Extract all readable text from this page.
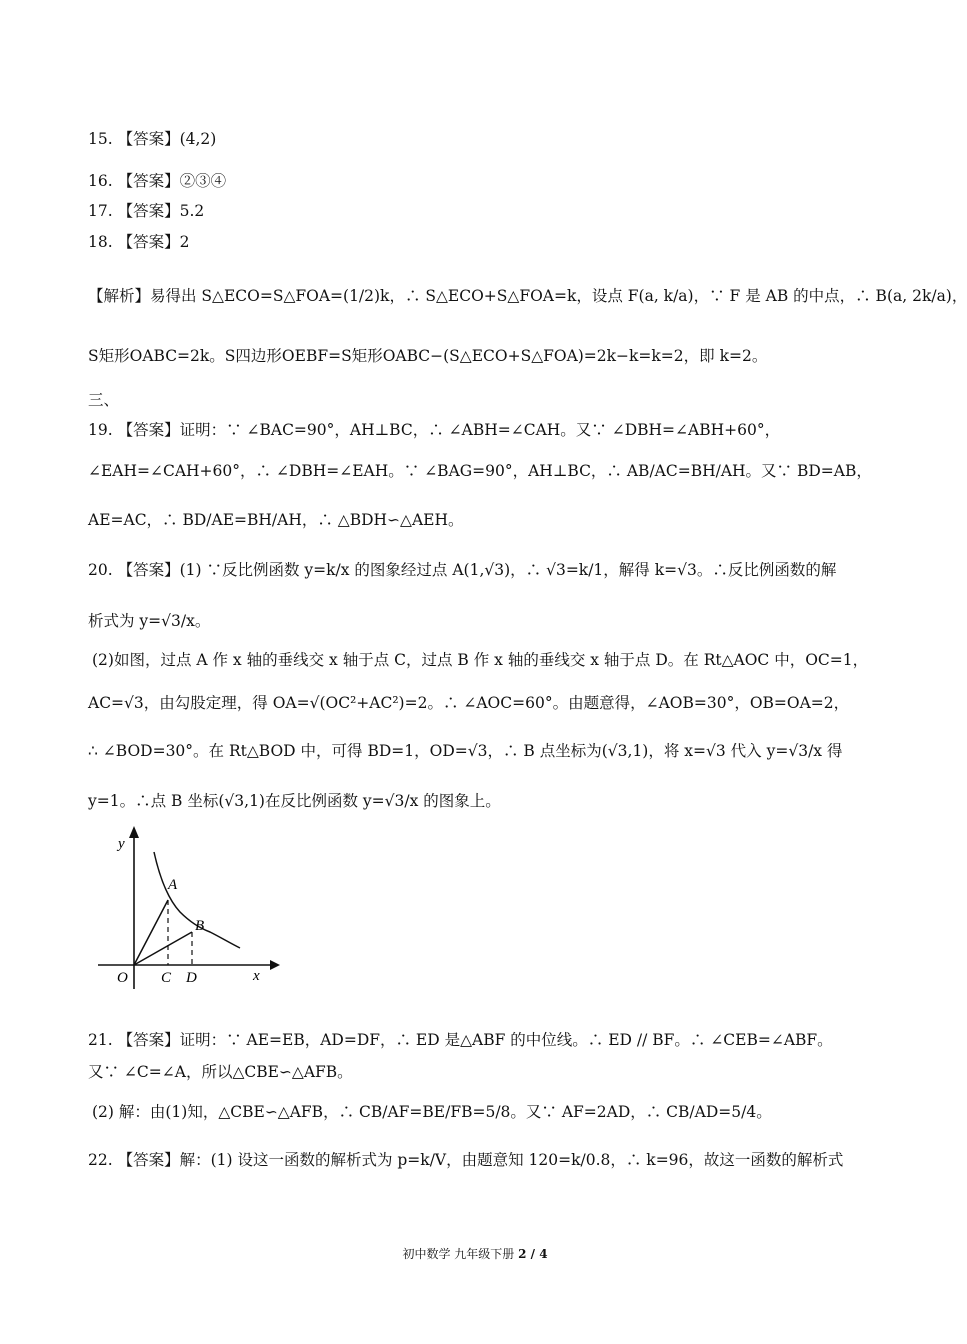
15. 【答案】(4,2)
16. 【答案】②③④
17. 【答案】5.2
18. 【答案】2
【解析】易得出 S△ECO=S△FOA=(1/2)k，∴ S△ECO+S△FOA=k，设点 F(a, k/a)，∵ F 是 AB 的中点，∴ B(a, 2k/a)，
S矩形OABC=2k。S四边形OEBF=S矩形OABC−(S△ECO+S△FOA)=2k−k=k=2，即 k=2。
三、
19. 【答案】证明：∵ ∠BAC=90°，AH⊥BC，∴ ∠ABH=∠CAH。又∵ ∠DBH=∠ABH+60°，
∠EAH=∠CAH+60°，∴ ∠DBH=∠EAH。∵ ∠BAG=90°，AH⊥BC，∴ AB/AC=BH/AH。又∵ BD=AB，
AE=AC，∴ BD/AE=BH/AH，∴ △BDH∽△AEH。
20. 【答案】(1) ∵反比例函数 y=k/x 的图象经过点 A(1,√3)，∴ √3=k/1，解得 k=√3。∴反比例函数的解
析式为 y=√3/x。
(2)如图，过点 A 作 x 轴的垂线交 x 轴于点 C，过点 B 作 x 轴的垂线交 x 轴于点 D。在 Rt△AOC 中，OC=1，
AC=√3，由勾股定理，得 OA=√(OC²+AC²)=2。∴ ∠AOC=60°。由题意得，∠AOB=30°，OB=OA=2，
∴ ∠BOD=30°。在 Rt△BOD 中，可得 BD=1，OD=√3，∴ B 点坐标为(√3,1)，将 x=√3 代入 y=√3/x 得
y=1。∴点 B 坐标(√3,1)在反比例函数 y=√3/x 的图象上。
y
x
O
A
B
C D
21. 【答案】证明：∵ AE=EB，AD=DF，∴ ED 是△ABF 的中位线。∴ ED // BF。∴ ∠CEB=∠ABF。
又∵ ∠C=∠A，所以△CBE∽△AFB。
(2) 解：由(1)知，△CBE∽△AFB，∴ CB/AF=BE/FB=5/8。又∵ AF=2AD，∴ CB/AD=5/4。
22. 【答案】解：(1) 设这一函数的解析式为 p=k/V，由题意知 120=k/0.8，∴ k=96，故这一函数的解析式
初中数学 九年级下册 2 / 4
